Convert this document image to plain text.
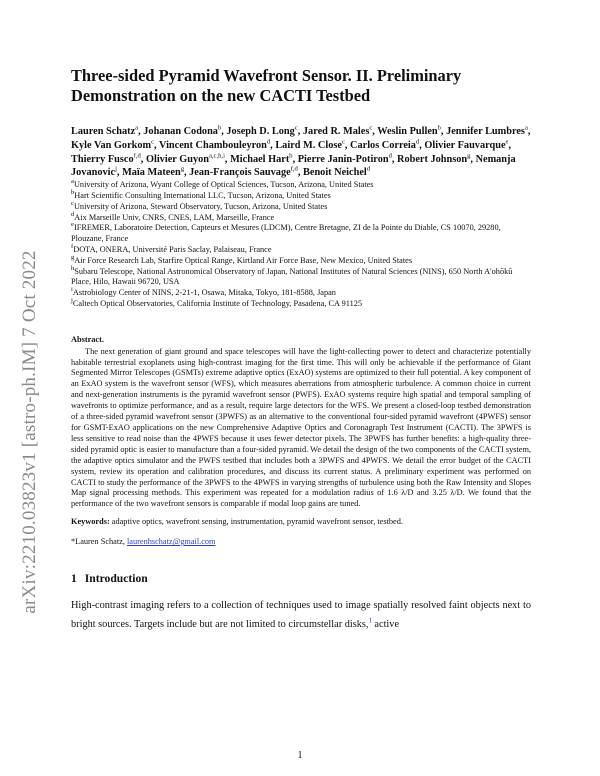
arXiv:2210.03823v1 [astro-ph.IM] 7 Oct 2022
Three-sided Pyramid Wavefront Sensor. II. Preliminary Demonstration on the new CACTI Testbed
Lauren Schatz$^a$, Johanan Codona$^b$, Joseph D. Long$^c$, Jared R. Males$^c$, Weslin Pullen$^b$, Jennifer Lumbres$^a$, Kyle Van Gorkom$^c$, Vincent Chambouleyron$^d$, Laird M. Close$^c$, Carlos Correia$^d$, Olivier Fauvarque$^e$, Thierry Fusco$^{f,d}$, Olivier Guyon$^{a,c,h,i}$, Michael Hart$^b$, Pierre Janin-Potiron$^d$, Robert Johnson$^g$, Nemanja Jovanovic$^j$, Maïa Mateen$^g$, Jean-François Sauvage$^{f,d}$, Benoit Neichel$^d$
$^a$University of Arizona, Wyant College of Optical Sciences, Tucson, Arizona, United States
$^b$Hart Scientific Consulting International LLC, Tucson, Arizona, United States
$^c$University of Arizona, Steward Observatory, Tucson, Arizona, United States
$^d$Aix Marseille Univ, CNRS, CNES, LAM, Marseille, France
$^e$IFREMER, Laboratoire Detection, Capteurs et Mesures (LDCM), Centre Bretagne, ZI de la Pointe du Diable, CS 10070, 29280, Plouzane, France
$^f$DOTA, ONERA, Université Paris Saclay, Palaiseau, France
$^g$Air Force Research Lab, Starfire Optical Range, Kirtland Air Force Base, New Mexico, United States
$^h$Subaru Telescope, National Astronomical Observatory of Japan, National Institutes of Natural Sciences (NINS), 650 North A'ohōkū Place, Hilo, Hawaii 96720, USA
$^i$Astrobiology Center of NINS, 2-21-1, Osawa, Mitaka, Tokyo, 181-8588, Japan
$^j$Caltech Optical Observatories, California Institute of Technology, Pasadena, CA 91125
Abstract.
The next generation of giant ground and space telescopes will have the light-collecting power to detect and characterize potentially habitable terrestrial exoplanets using high-contrast imaging for the first time. This will only be achievable if the performance of Giant Segmented Mirror Telescopes (GSMTs) extreme adaptive optics (ExAO) systems are optimized to their full potential. A key component of an ExAO system is the wavefront sensor (WFS), which measures aberrations from atmospheric turbulence. A common choice in current and next-generation instruments is the pyramid wavefront sensor (PWFS). ExAO systems require high spatial and temporal sampling of wavefronts to optimize performance, and as a result, require large detectors for the WFS. We present a closed-loop testbed demonstration of a three-sided pyramid wavefront sensor (3PWFS) as an alternative to the conventional four-sided pyramid wavefront (4PWFS) sensor for GSMT-ExAO applications on the new Comprehensive Adaptive Optics and Coronagraph Test Instrument (CACTI). The 3PWFS is less sensitive to read noise than the 4PWFS because it uses fewer detector pixels. The 3PWFS has further benefits: a high-quality three-sided pyramid optic is easier to manufacture than a four-sided pyramid. We detail the design of the two components of the CACTI system, the adaptive optics simulator and the PWFS testbed that includes both a 3PWFS and 4PWFS. We detail the error budget of the CACTI system, review its operation and calibration procedures, and discuss its current status. A preliminary experiment was performed on CACTI to study the performance of the 3PWFS to the 4PWFS in varying strengths of turbulence using both the Raw Intensity and Slopes Map signal processing methods. This experiment was repeated for a modulation radius of 1.6 λ/D and 3.25 λ/D. We found that the performance of the two wavefront sensors is comparable if modal loop gains are tuned.
Keywords: adaptive optics, wavefront sensing, instrumentation, pyramid wavefront sensor, testbed.
*Lauren Schatz, laurenhschatz@gmail.com
1 Introduction
High-contrast imaging refers to a collection of techniques used to image spatially resolved faint objects next to bright sources. Targets include but are not limited to circumstellar disks,$^1$ active
1
